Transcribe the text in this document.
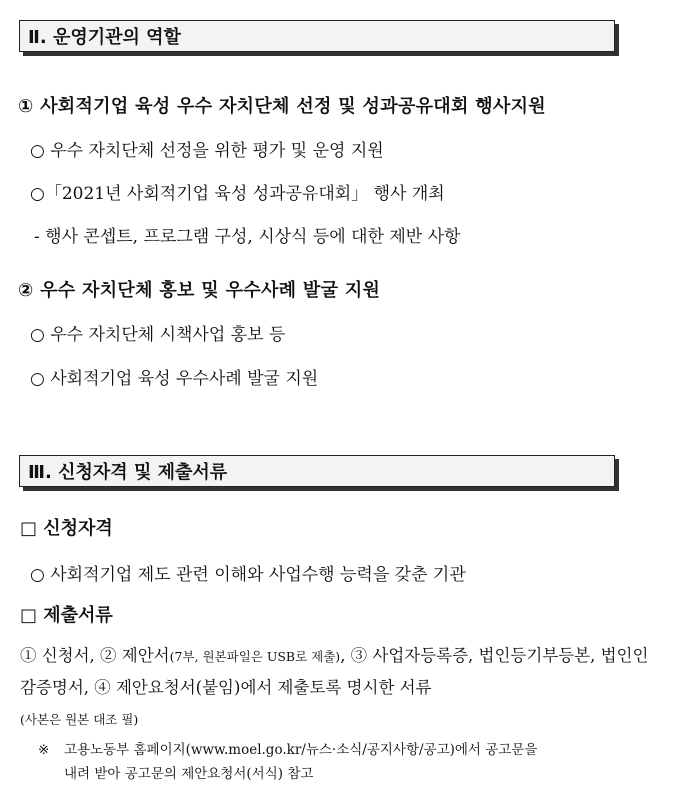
Ⅱ. 운영기관의 역할
① 사회적기업 육성 우수 자치단체 선정 및 성과공유대회 행사지원
○ 우수 자치단체 선정을 위한 평가 및 운영 지원
○「2021년 사회적기업 육성 성과공유대회」 행사 개최
- 행사 콘셉트, 프로그램 구성, 시상식 등에 대한 제반 사항
② 우수 자치단체 홍보 및 우수사례 발굴 지원
○ 우수 자치단체 시책사업 홍보 등
○ 사회적기업 육성 우수사례 발굴 지원
Ⅲ. 신청자격 및 제출서류
□ 신청자격
○ 사회적기업 제도 관련 이해와 사업수행 능력을 갖춘 기관
□ 제출서류
① 신청서, ② 제안서(7부, 원본파일은 USB로 제출), ③ 사업자등록증, 법인등기부등본, 법인인감증명서, ④ 제안요청서(붙임)에서 제출토록 명시한 서류
(사본은 원본 대조 필)
※ 고용노동부 홈페이지(www.moel.go.kr/뉴스·소식/공지사항/공고)에서 공고문을
내려 받아 공고문의 제안요청서(서식) 참고
